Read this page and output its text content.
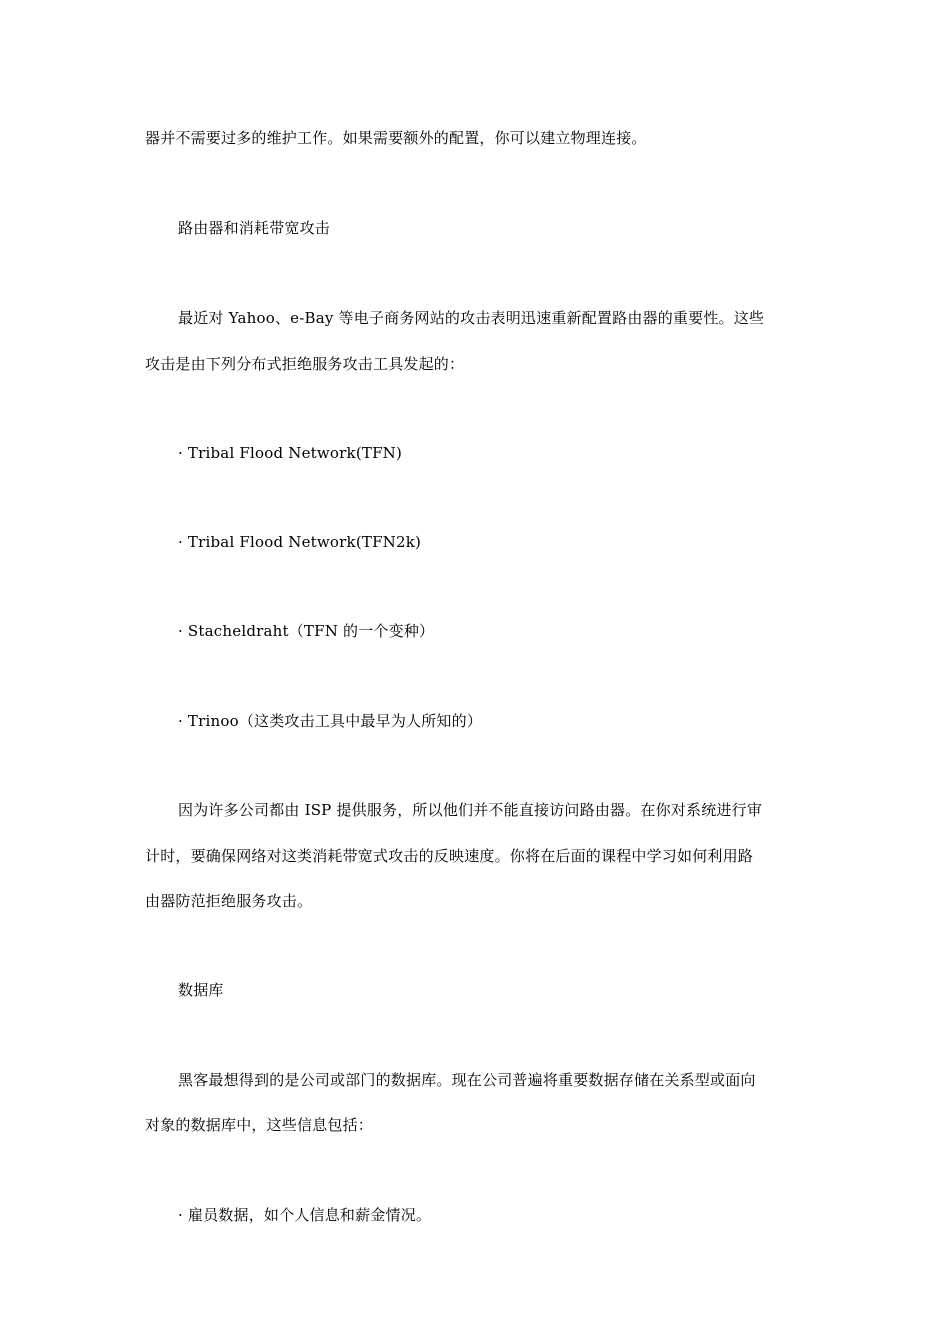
器并不需要过多的维护工作。如果需要额外的配置，你可以建立物理连接。
路由器和消耗带宽攻击
最近对 Yahoo、e-Bay 等电子商务网站的攻击表明迅速重新配置路由器的重要性。这些
攻击是由下列分布式拒绝服务攻击工具发起的：
· Tribal Flood Network(TFN)
· Tribal Flood Network(TFN2k)
· Stacheldraht（TFN 的一个变种）
· Trinoo（这类攻击工具中最早为人所知的）
因为许多公司都由 ISP 提供服务，所以他们并不能直接访问路由器。在你对系统进行审
计时，要确保网络对这类消耗带宽式攻击的反映速度。你将在后面的课程中学习如何利用路
由器防范拒绝服务攻击。
数据库
黑客最想得到的是公司或部门的数据库。现在公司普遍将重要数据存储在关系型或面向
对象的数据库中，这些信息包括：
· 雇员数据，如个人信息和薪金情况。
